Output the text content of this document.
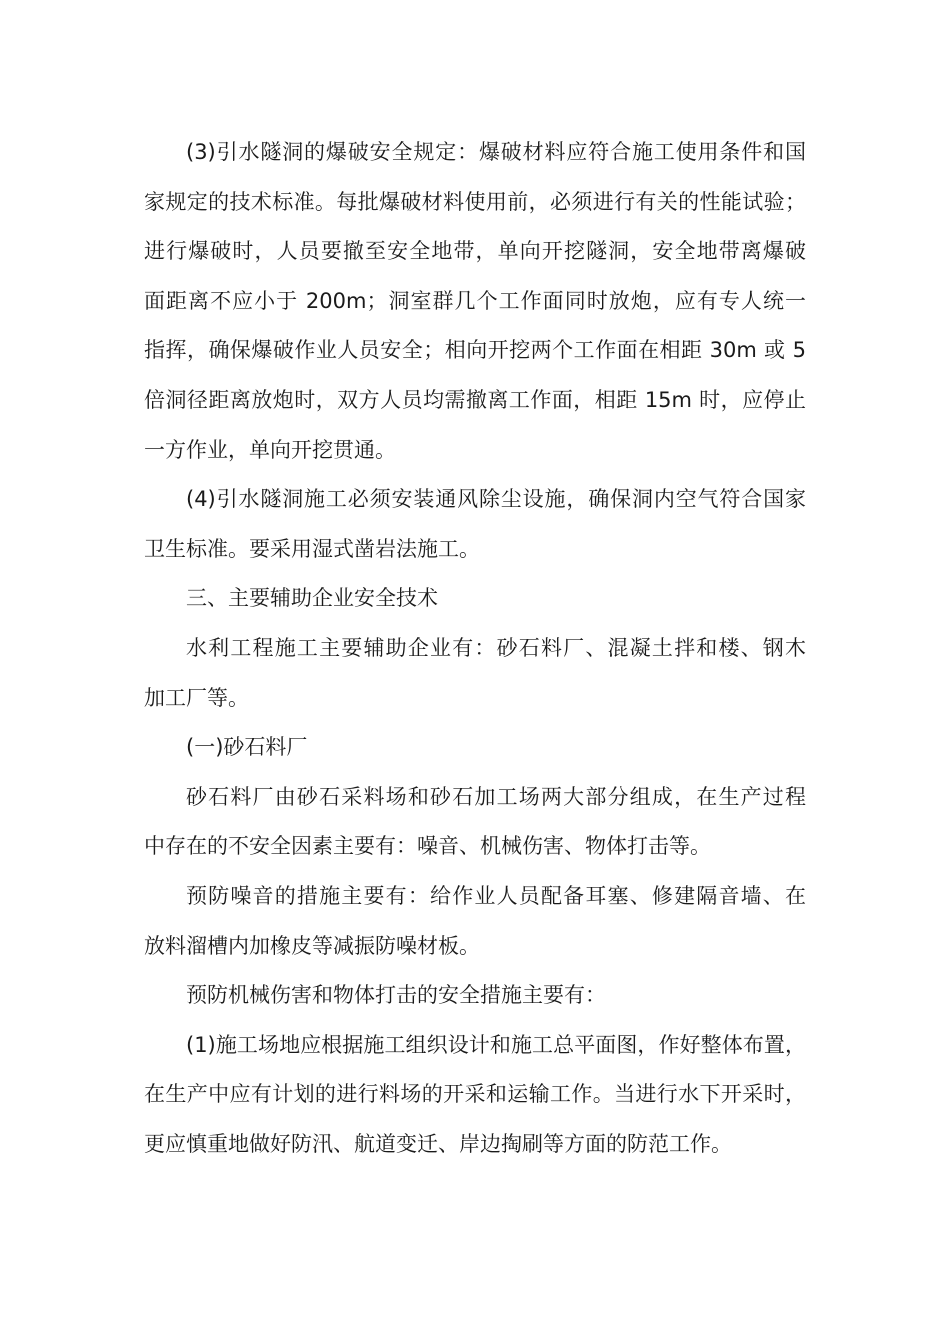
(3)引水隧洞的爆破安全规定：爆破材料应符合施工使用条件和国
家规定的技术标准。每批爆破材料使用前，必须进行有关的性能试验；
进行爆破时，人员要撤至安全地带，单向开挖隧洞，安全地带离爆破
面距离不应小于 200m；洞室群几个工作面同时放炮，应有专人统一
指挥，确保爆破作业人员安全；相向开挖两个工作面在相距 30m 或 5
倍洞径距离放炮时，双方人员均需撤离工作面，相距 15m 时，应停止
一方作业，单向开挖贯通。
(4)引水隧洞施工必须安装通风除尘设施，确保洞内空气符合国家
卫生标准。要采用湿式凿岩法施工。
三、主要辅助企业安全技术
水利工程施工主要辅助企业有：砂石料厂、混凝土拌和楼、钢木
加工厂等。
(一)砂石料厂
砂石料厂由砂石采料场和砂石加工场两大部分组成，在生产过程
中存在的不安全因素主要有：噪音、机械伤害、物体打击等。
预防噪音的措施主要有：给作业人员配备耳塞、修建隔音墙、在
放料溜槽内加橡皮等减振防噪材板。
预防机械伤害和物体打击的安全措施主要有：
(1)施工场地应根据施工组织设计和施工总平面图，作好整体布置，
在生产中应有计划的进行料场的开采和运输工作。当进行水下开采时，
更应慎重地做好防汛、航道变迁、岸边掏刷等方面的防范工作。
